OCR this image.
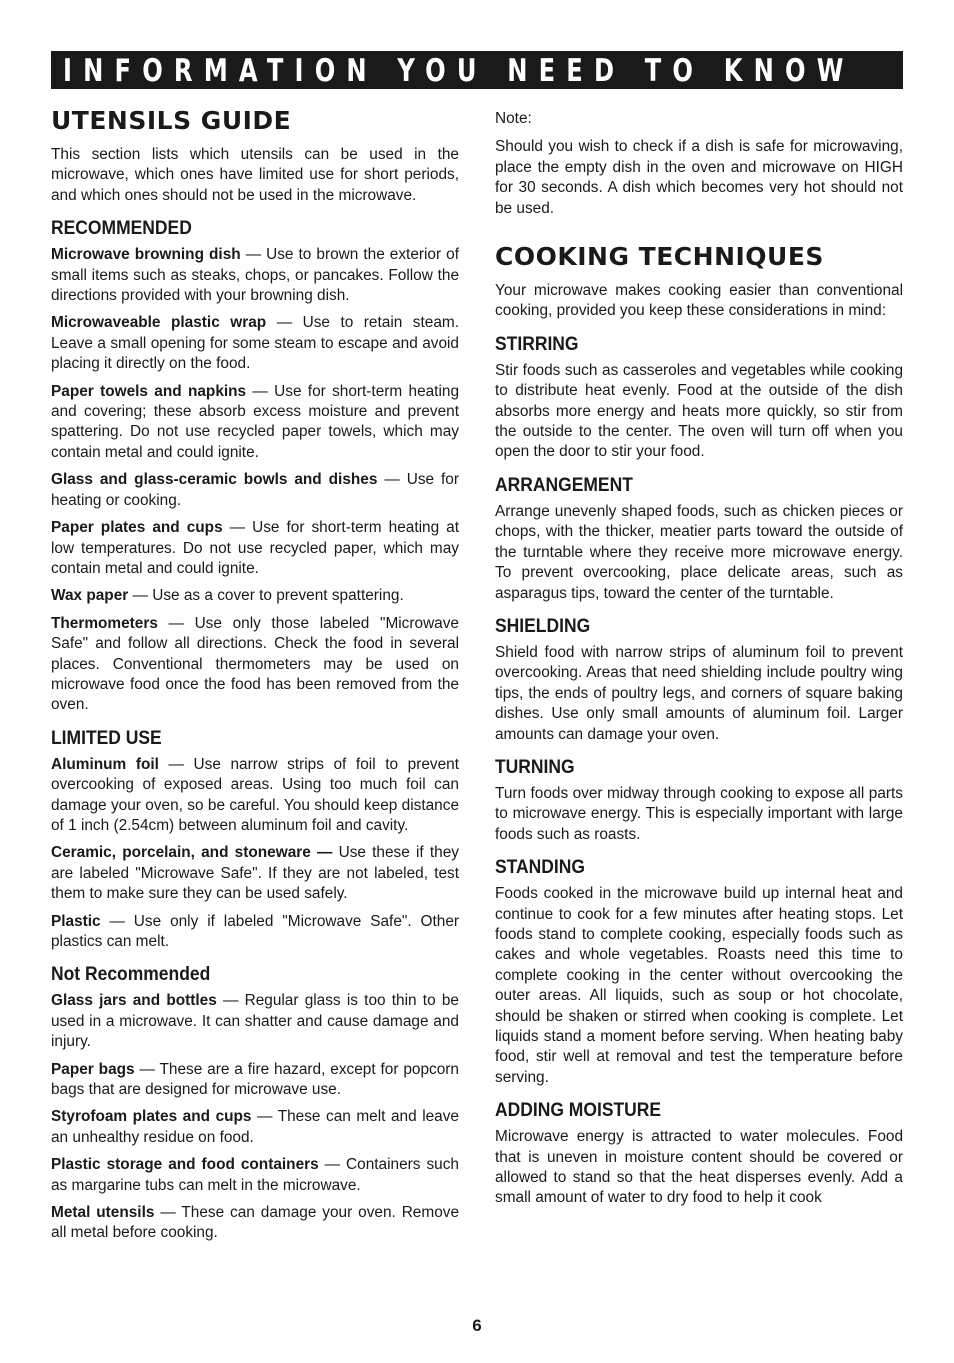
INFORMATION YOU NEED TO KNOW
UTENSILS GUIDE

This section lists which utensils can be used in the microwave, which ones have limited use for short periods, and which ones should not be used in the microwave.

RECOMMENDED

Microwave browning dish — Use to brown the exterior of small items such as steaks, chops, or pancakes. Follow the directions provided with your browning dish.

Microwaveable plastic wrap — Use to retain steam. Leave a small opening for some steam to escape and avoid placing it directly on the food.

Paper towels and napkins — Use for short-term heating and covering; these absorb excess moisture and prevent spattering. Do not use recycled paper towels, which may contain metal and could ignite.

Glass and glass-ceramic bowls and dishes — Use for heating or cooking.

Paper plates and cups — Use for short-term heating at low temperatures. Do not use recycled paper, which may contain metal and could ignite.

Wax paper — Use as a cover to prevent spattering.

Thermometers — Use only those labeled "Microwave Safe" and follow all directions. Check the food in several places. Conventional thermometers may be used on microwave food once the food has been removed from the oven.

LIMITED USE

Aluminum foil — Use narrow strips of foil to prevent overcooking of exposed areas. Using too much foil can damage your oven, so be careful. You should keep distance of 1 inch (2.54cm) between aluminum foil and cavity.

Ceramic, porcelain, and stoneware — Use these if they are labeled "Microwave Safe". If they are not labeled, test them to make sure they can be used safely.

Plastic — Use only if labeled "Microwave Safe". Other plastics can melt.

Not Recommended

Glass jars and bottles — Regular glass is too thin to be used in a microwave. It can shatter and cause damage and injury.

Paper bags — These are a fire hazard, except for popcorn bags that are designed for microwave use.

Styrofoam plates and cups — These can melt and leave an unhealthy residue on food.

Plastic storage and food containers — Containers such as margarine tubs can melt in the microwave.

Metal utensils — These can damage your oven. Remove all metal before cooking.

Note:

Should you wish to check if a dish is safe for microwaving, place the empty dish in the oven and microwave on HIGH for 30 seconds. A dish which becomes very hot should not be used.

COOKING TECHNIQUES

Your microwave makes cooking easier than conventional cooking, provided you keep these considerations in mind:

STIRRING

Stir foods such as casseroles and vegetables while cooking to distribute heat evenly. Food at the outside of the dish absorbs more energy and heats more quickly, so stir from the outside to the center. The oven will turn off when you open the door to stir your food.

ARRANGEMENT

Arrange unevenly shaped foods, such as chicken pieces or chops, with the thicker, meatier parts toward the outside of the turntable where they receive more microwave energy. To prevent overcooking, place delicate areas, such as asparagus tips, toward the center of the turntable.

SHIELDING

Shield food with narrow strips of aluminum foil to prevent overcooking. Areas that need shielding include poultry wing tips, the ends of poultry legs, and corners of square baking dishes. Use only small amounts of aluminum foil. Larger amounts can damage your oven.

TURNING

Turn foods over midway through cooking to expose all parts to microwave energy. This is especially important with large foods such as roasts.

STANDING

Foods cooked in the microwave build up internal heat and continue to cook for a few minutes after heating stops. Let foods stand to complete cooking, especially foods such as cakes and whole vegetables. Roasts need this time to complete cooking in the center without overcooking the outer areas. All liquids, such as soup or hot chocolate, should be shaken or stirred when cooking is complete. Let liquids stand a moment before serving. When heating baby food, stir well at removal and test the temperature before serving.

ADDING MOISTURE

Microwave energy is attracted to water molecules. Food that is uneven in moisture content should be covered or allowed to stand so that the heat disperses evenly. Add a small amount of water to dry food to help it cook

6
